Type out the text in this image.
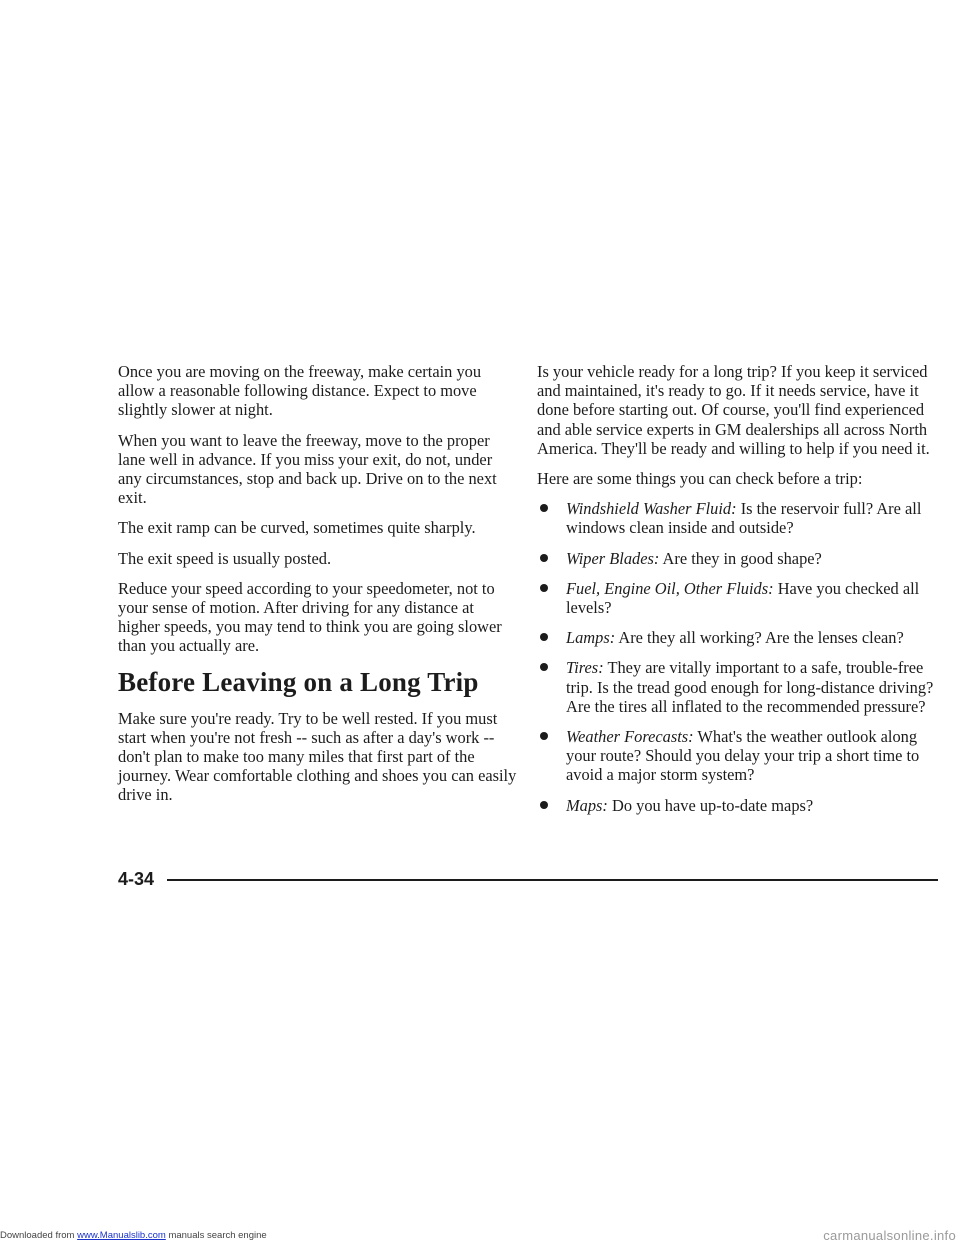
Once you are moving on the freeway, make certain you allow a reasonable following distance. Expect to move slightly slower at night.

When you want to leave the freeway, move to the proper lane well in advance. If you miss your exit, do not, under any circumstances, stop and back up. Drive on to the next exit.

The exit ramp can be curved, sometimes quite sharply.

The exit speed is usually posted.

Reduce your speed according to your speedometer, not to your sense of motion. After driving for any distance at higher speeds, you may tend to think you are going slower than you actually are.

Before Leaving on a Long Trip

Make sure you're ready. Try to be well rested. If you must start when you're not fresh -- such as after a day's work -- don't plan to make too many miles that first part of the journey. Wear comfortable clothing and shoes you can easily drive in.

Is your vehicle ready for a long trip? If you keep it serviced and maintained, it's ready to go. If it needs service, have it done before starting out. Of course, you'll find experienced and able service experts in GM dealerships all across North America. They'll be ready and willing to help if you need it.

Here are some things you can check before a trip:

Windshield Washer Fluid: Is the reservoir full? Are all windows clean inside and outside?
Wiper Blades: Are they in good shape?
Fuel, Engine Oil, Other Fluids: Have you checked all levels?
Lamps: Are they all working? Are the lenses clean?
Tires: They are vitally important to a safe, trouble-free trip. Is the tread good enough for long-distance driving? Are the tires all inflated to the recommended pressure?
Weather Forecasts: What's the weather outlook along your route? Should you delay your trip a short time to avoid a major storm system?
Maps: Do you have up-to-date maps?
4-34
Downloaded from www.Manualslib.com manuals search engine	carmanualsonline.info
